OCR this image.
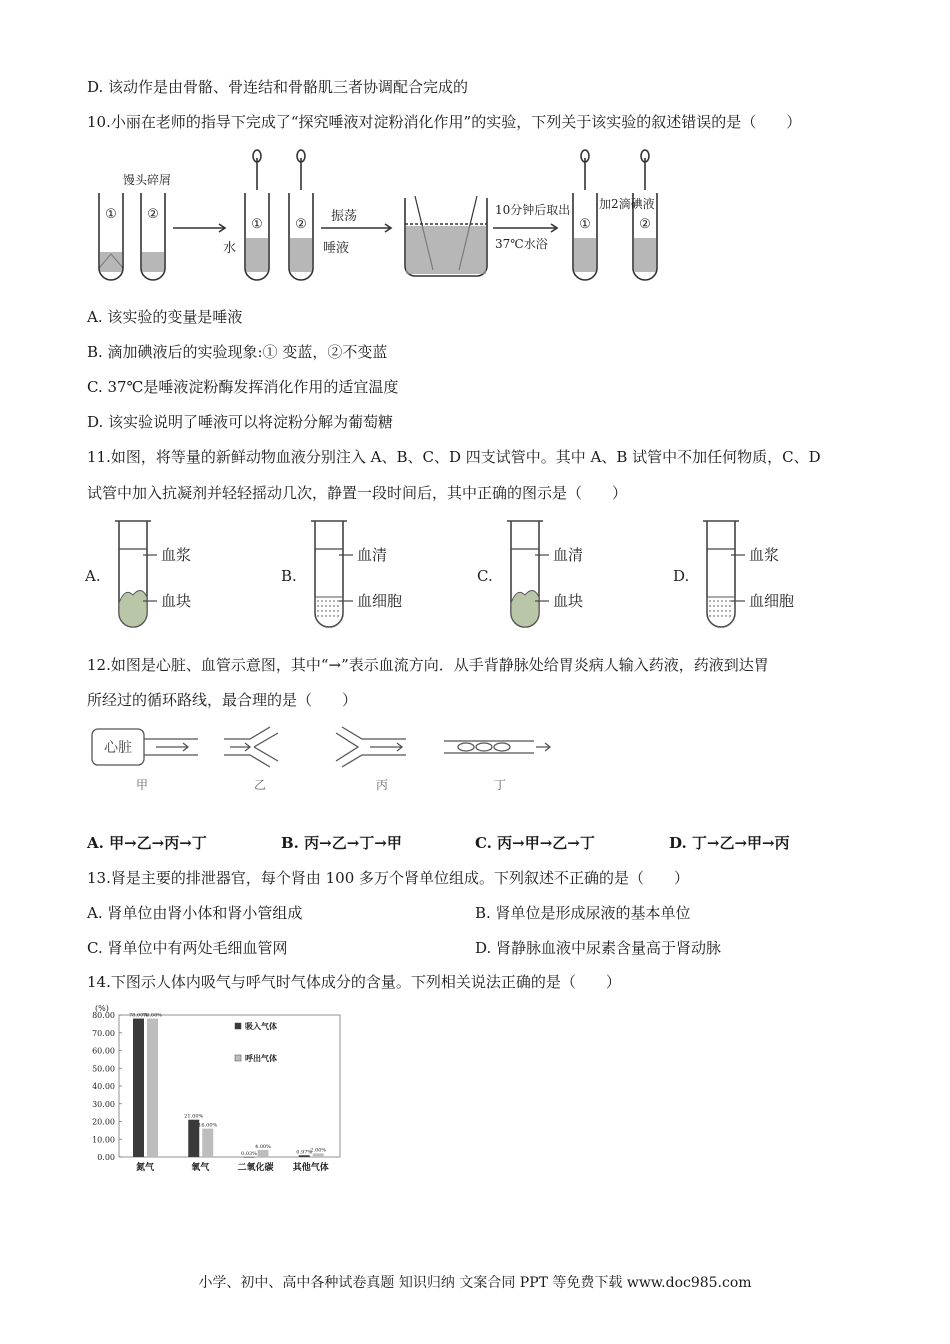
D. 该动作是由骨骼、骨连结和骨骼肌三者协调配合完成的
10.小丽在老师的指导下完成了“探究唾液对淀粉消化作用”的实验，下列关于该实验的叙述错误的是（　　）
① ②
馒头碎屑
① ②
水	唾液
振荡	10分钟后取出
37℃水浴
①	②
加2滴碘液
A. 该实验的变量是唾液
B. 滴加碘液后的实验现象:① 变蓝，②不变蓝
C. 37℃是唾液淀粉酶发挥消化作用的适宜温度
D. 该实验说明了唾液可以将淀粉分解为葡萄糖
11.如图，将等量的新鲜动物血液分别注入 A、B、C、D 四支试管中。其中 A、B 试管中不加任何物质，C、D
试管中加入抗凝剂并轻轻摇动几次，静置一段时间后，其中正确的图示是（　　）
A.
血浆
血块
B.
血清
血细胞
C.
血清
血块
D.
血浆
血细胞
12.如图是心脏、血管示意图，其中“→”表示血流方向．从手背静脉处给胃炎病人输入药液，药液到达胃
所经过的循环路线，最合理的是（　　）
心脏
甲	乙	丙	丁
A. 甲→乙→丙→丁	B. 丙→乙→丁→甲	C. 丙→甲→乙→丁	D. 丁→乙→甲→丙
13.肾是主要的排泄器官，每个肾由 100 多万个肾单位组成。下列叙述不正确的是（　　）
A. 肾单位由肾小体和肾小管组成	B. 肾单位是形成尿液的基本单位
C. 肾单位中有两处毛细血管网	D. 肾静脉血液中尿素含量高于肾动脉
14.下图示人体内吸气与呼气时气体成分的含量。下列相关说法正确的是（　　）
(%)
0.00
10.00
20.00
30.00
40.00
50.00
60.00
70.00
80.00	78.00%
78.00%
氮气
21.00%
16.00%
氧气
0.03%
4.00%
二氧化碳
0.97%
2.00%
其他气体
吸入气体
呼出气体
小学、初中、高中各种试卷真题 知识归纳 文案合同 PPT 等免费下载 www.doc985.com
